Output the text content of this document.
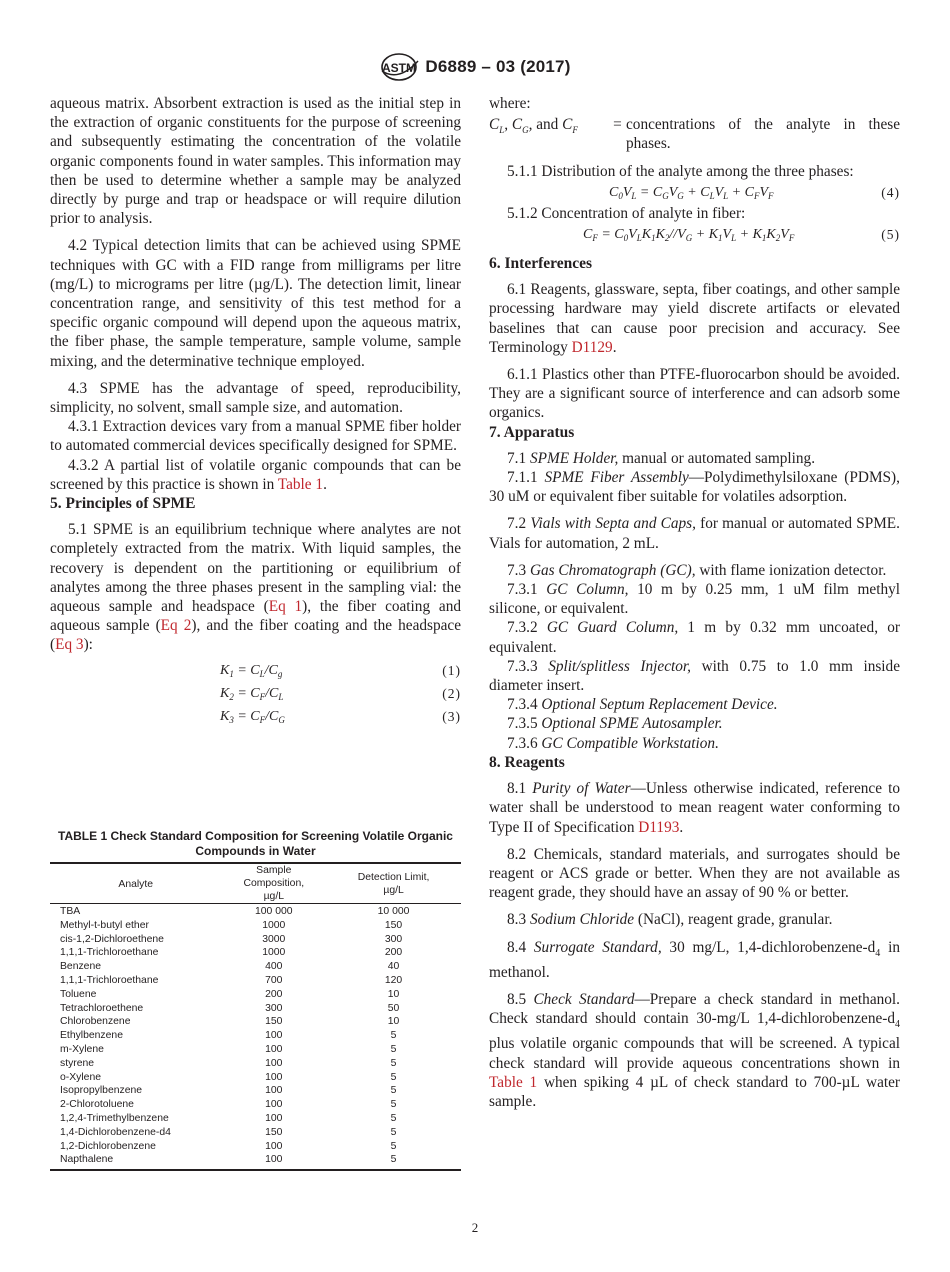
ASTM D6889 – 03 (2017)

aqueous matrix. Absorbent extraction is used as the initial step in the extraction of organic constituents for the purpose of screening and subsequently estimating the concentration of the volatile organic components found in water samples. This information may then be used to determine whether a sample may be analyzed directly by purge and trap or headspace or will require dilution prior to analysis.

4.2 Typical detection limits that can be achieved using SPME techniques with GC with a FID range from milligrams per litre (mg/L) to micrograms per litre (µg/L). The detection limit, linear concentration range, and sensitivity of this test method for a specific organic compound will depend upon the aqueous matrix, the fiber phase, the sample temperature, sample volume, sample mixing, and the determinative technique employed.

4.3 SPME has the advantage of speed, reproducibility, simplicity, no solvent, small sample size, and automation.

4.3.1 Extraction devices vary from a manual SPME fiber holder to automated commercial devices specifically designed for SPME.

4.3.2 A partial list of volatile organic compounds that can be screened by this practice is shown in Table 1.

5. Principles of SPME

5.1 SPME is an equilibrium technique where analytes are not completely extracted from the matrix. With liquid samples, the recovery is dependent on the partitioning or equilibrium of analytes among the three phases present in the sampling vial: the aqueous sample and headspace (Eq 1), the fiber coating and aqueous sample (Eq 2), and the fiber coating and the headspace (Eq 3):

$K_1 = C_L/C_g$	(1)
$K_2 = C_F/C_L$	(2)
$K_3 = C_F/C_G$	(3)
TABLE 1 Check Standard Composition for Screening Volatile Organic Compounds in Water
Analyte	Sample Composition, µg/L	Detection Limit, µg/L
TBA	100 000	10 000
Methyl-t-butyl ether	1000	150
cis-1,2-Dichloroethene	3000	300
1,1,1-Trichloroethane	1000	200
Benzene	400	40
1,1,1-Trichloroethane	700	120
Toluene	200	10
Tetrachloroethene	300	50
Chlorobenzene	150	10
Ethylbenzene	100	5
m-Xylene	100	5
styrene	100	5
o-Xylene	100	5
Isopropylbenzene	100	5
2-Chlorotoluene	100	5
1,2,4-Trimethylbenzene	100	5
1,4-Dichlorobenzene-d4	150	5
1,2-Dichlorobenzene	100	5
Napthalene	100	5

where:

$C_L$, $C_G$, and $C_F$	= concentrations of the analyte in these phases.

5.1.1 Distribution of the analyte among the three phases:

$C_0V_L = C_GV_G + C_LV_L + C_FV_F$	(4)

5.1.2 Concentration of analyte in fiber:

$C_F = C_0V_LK_1K_2//V_G + K_1V_L + K_1K_2V_F$	(5)

6. Interferences

6.1 Reagents, glassware, septa, fiber coatings, and other sample processing hardware may yield discrete artifacts or elevated baselines that can cause poor precision and accuracy. See Terminology D1129.

6.1.1 Plastics other than PTFE-fluorocarbon should be avoided. They are a significant source of interference and can adsorb some organics.

7. Apparatus

7.1 SPME Holder, manual or automated sampling.

7.1.1 SPME Fiber Assembly—Polydimethylsiloxane (PDMS), 30 uM or equivalent fiber suitable for volatiles adsorption.

7.2 Vials with Septa and Caps, for manual or automated SPME. Vials for automation, 2 mL.

7.3 Gas Chromatograph (GC), with flame ionization detector.

7.3.1 GC Column, 10 m by 0.25 mm, 1 uM film methyl silicone, or equivalent.

7.3.2 GC Guard Column, 1 m by 0.32 mm uncoated, or equivalent.

7.3.3 Split/splitless Injector, with 0.75 to 1.0 mm inside diameter insert.

7.3.4 Optional Septum Replacement Device.

7.3.5 Optional SPME Autosampler.

7.3.6 GC Compatible Workstation.

8. Reagents

8.1 Purity of Water—Unless otherwise indicated, reference to water shall be understood to mean reagent water conforming to Type II of Specification D1193.

8.2 Chemicals, standard materials, and surrogates should be reagent or ACS grade or better. When they are not available as reagent grade, they should have an assay of 90 % or better.

8.3 Sodium Chloride (NaCl), reagent grade, granular.

8.4 Surrogate Standard, 30 mg/L, $1,4-dichlorobenzene-d_4$ in methanol.

8.5 Check Standard—Prepare a check standard in methanol. Check standard should contain 30-mg/L $1,4-dichlorobenzene-d_4$ plus volatile organic compounds that will be screened. A typical check standard will provide aqueous concentrations shown in Table 1 when spiking 4 µL of check standard to 700-µL water sample.

2
